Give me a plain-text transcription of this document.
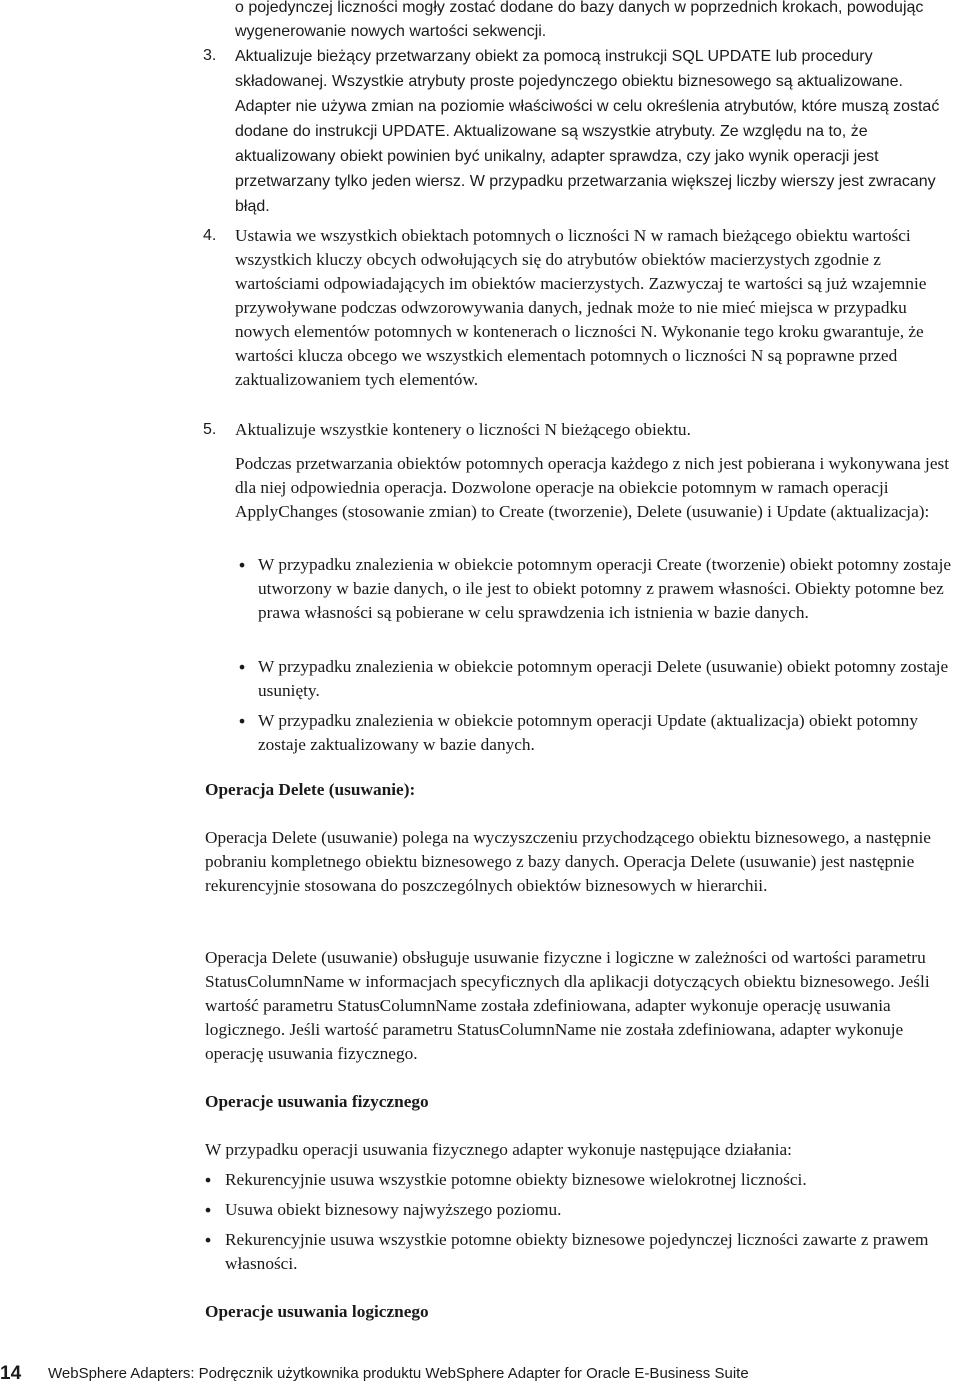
o pojedynczej liczności mogły zostać dodane do bazy danych w poprzednich krokach, powodując wygenerowanie nowych wartości sekwencji.

3. Aktualizuje bieżący przetwarzany obiekt za pomocą instrukcji SQL UPDATE lub procedury składowanej. Wszystkie atrybuty proste pojedynczego obiektu biznesowego są aktualizowane. Adapter nie używa zmian na poziomie właściwości w celu określenia atrybutów, które muszą zostać dodane do instrukcji UPDATE. Aktualizowane są wszystkie atrybuty. Ze względu na to, że aktualizowany obiekt powinien być unikalny, adapter sprawdza, czy jako wynik operacji jest przetwarzany tylko jeden wiersz. W przypadku przetwarzania większej liczby wierszy jest zwracany błąd.

4. Ustawia we wszystkich obiektach potomnych o liczności N w ramach bieżącego obiektu wartości wszystkich kluczy obcych odwołujących się do atrybutów obiektów macierzystych zgodnie z wartościami odpowiadających im obiektów macierzystych. Zazwyczaj te wartości są już wzajemnie przywoływane podczas odwzorowywania danych, jednak może to nie mieć miejsca w przypadku nowych elementów potomnych w kontenerach o liczności N. Wykonanie tego kroku gwarantuje, że wartości klucza obcego we wszystkich elementach potomnych o liczności N są poprawne przed zaktualizowaniem tych elementów.

5. Aktualizuje wszystkie kontenery o liczności N bieżącego obiektu.

Podczas przetwarzania obiektów potomnych operacja każdego z nich jest pobierana i wykonywana jest dla niej odpowiednia operacja. Dozwolone operacje na obiekcie potomnym w ramach operacji ApplyChanges (stosowanie zmian) to Create (tworzenie), Delete (usuwanie) i Update (aktualizacja):

• W przypadku znalezienia w obiekcie potomnym operacji Create (tworzenie) obiekt potomny zostaje utworzony w bazie danych, o ile jest to obiekt potomny z prawem własności. Obiekty potomne bez prawa własności są pobierane w celu sprawdzenia ich istnienia w bazie danych.

• W przypadku znalezienia w obiekcie potomnym operacji Delete (usuwanie) obiekt potomny zostaje usunięty.

• W przypadku znalezienia w obiekcie potomnym operacji Update (aktualizacja) obiekt potomny zostaje zaktualizowany w bazie danych.

Operacja Delete (usuwanie):

Operacja Delete (usuwanie) polega na wyczyszczeniu przychodzącego obiektu biznesowego, a następnie pobraniu kompletnego obiektu biznesowego z bazy danych. Operacja Delete (usuwanie) jest następnie rekurencyjnie stosowana do poszczególnych obiektów biznesowych w hierarchii.

Operacja Delete (usuwanie) obsługuje usuwanie fizyczne i logiczne w zależności od wartości parametru StatusColumnName w informacjach specyficznych dla aplikacji dotyczących obiektu biznesowego. Jeśli wartość parametru StatusColumnName została zdefiniowana, adapter wykonuje operację usuwania logicznego. Jeśli wartość parametru StatusColumnName nie została zdefiniowana, adapter wykonuje operację usuwania fizycznego.

Operacje usuwania fizycznego

W przypadku operacji usuwania fizycznego adapter wykonuje następujące działania:

• Rekurencyjnie usuwa wszystkie potomne obiekty biznesowe wielokrotnej liczności.

• Usuwa obiekt biznesowy najwyższego poziomu.

• Rekurencyjnie usuwa wszystkie potomne obiekty biznesowe pojedynczej liczności zawarte z prawem własności.

Operacje usuwania logicznego

14 WebSphere Adapters: Podręcznik użytkownika produktu WebSphere Adapter for Oracle E-Business Suite
